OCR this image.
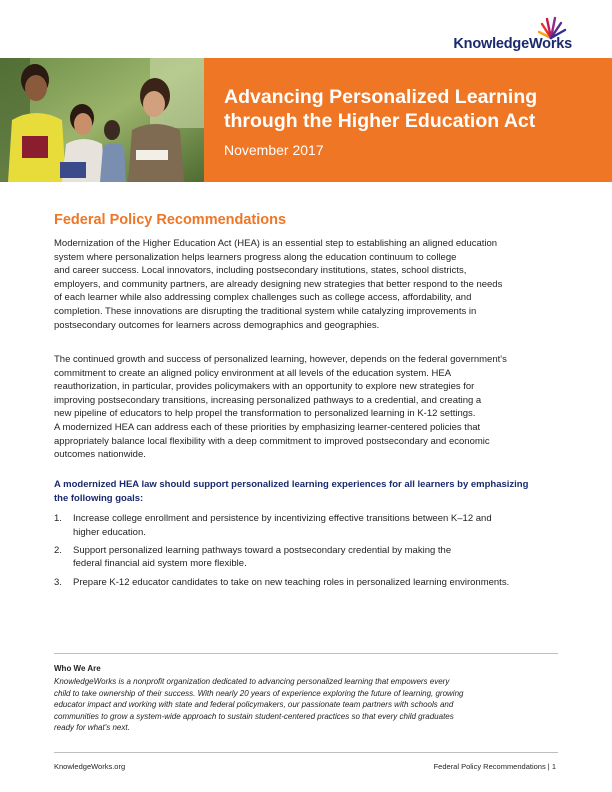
KnowledgeWorks
Advancing Personalized Learning
through the Higher Education Act
November 2017
Federal Policy Recommendations

Modernization of the Higher Education Act (HEA) is an essential step to establishing an aligned education
system where personalization helps learners progress along the education continuum to college
and career success. Local innovators, including postsecondary institutions, states, school districts,
employers, and community partners, are already designing new strategies that better respond to the needs
of each learner while also addressing complex challenges such as college access, affordability, and
completion. These innovations are disrupting the traditional system while catalyzing improvements in
postsecondary outcomes for learners across demographics and geographies.

The continued growth and success of personalized learning, however, depends on the federal government's
commitment to create an aligned policy environment at all levels of the education system. HEA
reauthorization, in particular, provides policymakers with an opportunity to explore new strategies for
improving postsecondary transitions, increasing personalized pathways to a credential, and creating a
new pipeline of educators to help propel the transformation to personalized learning in K-12 settings.
A modernized HEA can address each of these priorities by emphasizing learner-centered policies that
appropriately balance local flexibility with a deep commitment to improved postsecondary and economic
outcomes nationwide.

A modernized HEA law should support personalized learning experiences for all learners by emphasizing
the following goals:

1. Increase college enrollment and persistence by incentivizing effective transitions between K–12 and
higher education.
2. Support personalized learning pathways toward a postsecondary credential by making the
federal financial aid system more flexible.
3. Prepare K-12 educator candidates to take on new teaching roles in personalized learning environments.
Who We Are

KnowledgeWorks is a nonprofit organization dedicated to advancing personalized learning that empowers every
child to take ownership of their success. With nearly 20 years of experience exploring the future of learning, growing
educator impact and working with state and federal policymakers, our passionate team partners with schools and
communities to grow a system-wide approach to sustain student-centered practices so that every child graduates
ready for what's next.

KnowledgeWorks.org	Federal Policy Recommendations | 1
